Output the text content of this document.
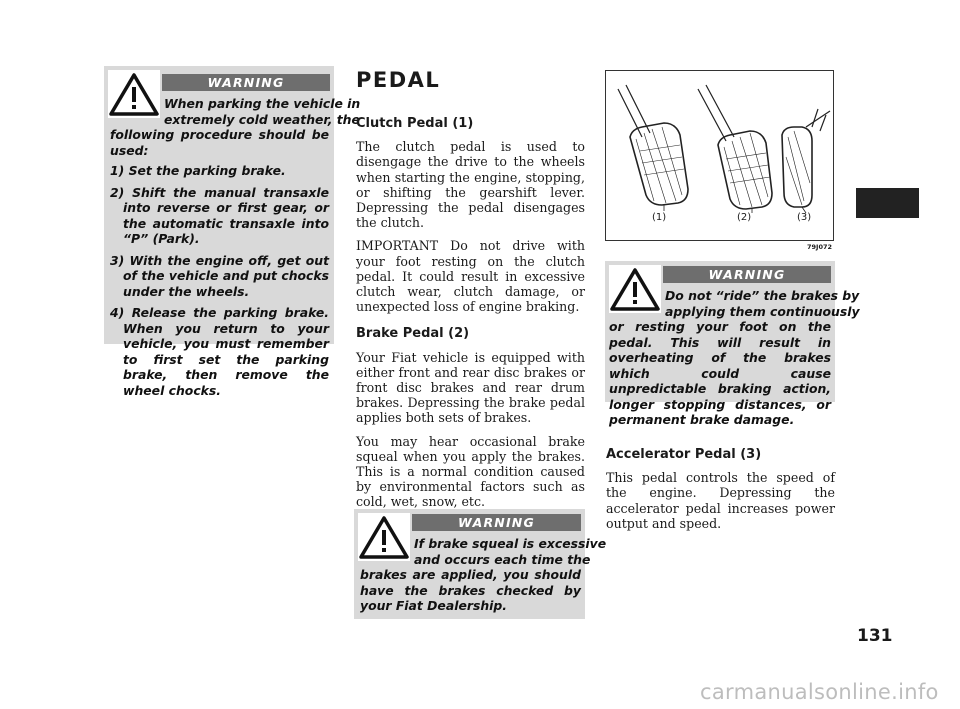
WARNING
When parking the vehicle in
extremely cold weather, the
following procedure should be used:
1) Set the parking brake.
2) Shift the manual transaxle into reverse or first gear, or the automatic transaxle into “P” (Park).
3) With the engine off, get out of the vehicle and put chocks under the wheels.
4) Release the parking brake. When you return to your vehicle, you must remember to first set the parking brake, then remove the wheel chocks.
PEDAL
Clutch Pedal (1)

The clutch pedal is used to disengage the drive to the wheels when starting the engine, stopping, or shifting the gearshift lever. Depressing the pedal disengages the clutch.

IMPORTANT Do not drive with your foot resting on the clutch pedal. It could result in excessive clutch wear, clutch damage, or unexpected loss of engine braking.

Brake Pedal (2)

Your Fiat vehicle is equipped with either front and rear disc brakes or front disc brakes and rear drum brakes. Depressing the brake pedal applies both sets of brakes.

You may hear occasional brake squeal when you apply the brakes. This is a normal condition caused by environmental factors such as cold, wet, snow, etc.

WARNING
If brake squeal is excessive
and occurs each time the
brakes are applied, you should have the brakes checked by your Fiat Dealership.
(1)	(2)	(3)
79J072
WARNING
Do not “ride” the brakes by
applying them continuously
or resting your foot on the pedal. This will result in overheating of the brakes which could cause unpredictable braking action, longer stopping distances, or permanent brake damage.
Accelerator Pedal (3)

This pedal controls the speed of the engine. Depressing the accelerator pedal increases power output and speed.

131
carmanualsonline.info
